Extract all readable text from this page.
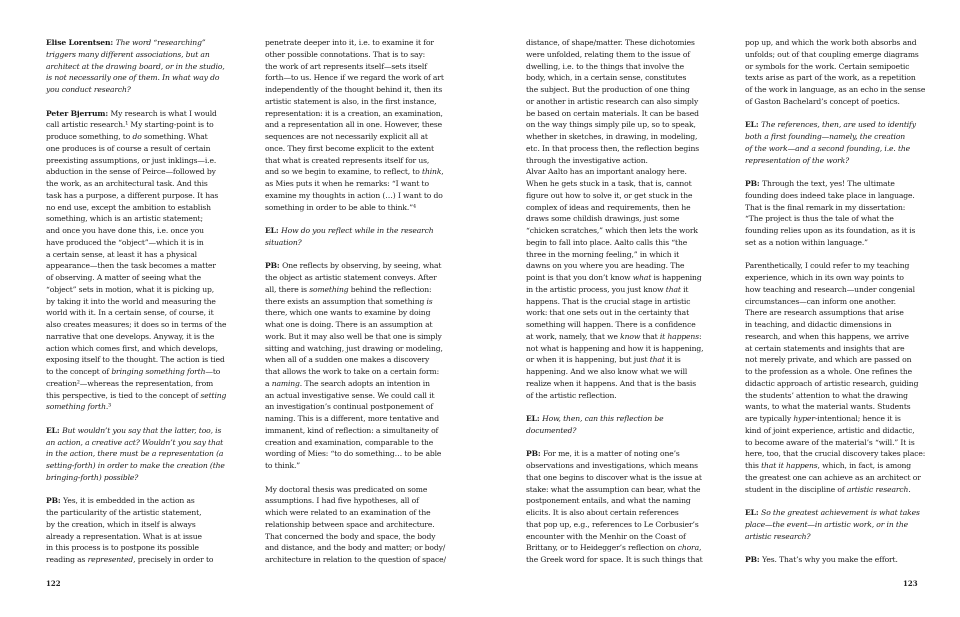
Elise Lorentsen: The word “researching”
triggers many different associations, but an
architect at the drawing board, or in the studio,
is not necessarily one of them. In what way do
you conduct research?
Peter Bjerrum: My research is what I would
call artistic research.¹ My starting-point is to
produce something, to do something. What
one produces is of course a result of certain
preexisting assumptions, or just inklings—i.e.
abduction in the sense of Peirce—followed by
the work, as an architectural task. And this
task has a purpose, a different purpose. It has
no end use, except the ambition to establish
something, which is an artistic statement;
and once you have done this, i.e. once you
have produced the “object”—which it is in
a certain sense, at least it has a physical
appearance—then the task becomes a matter
of observing. A matter of seeing what the
“object” sets in motion, what it is picking up,
by taking it into the world and measuring the
world with it. In a certain sense, of course, it
also creates measures; it does so in terms of the
narrative that one develops. Anyway, it is the
action which comes first, and which develops,
exposing itself to the thought. The action is tied
to the concept of bringing something forth—to
creation²—whereas the representation, from
this perspective, is tied to the concept of setting
something forth.³
EL: But wouldn’t you say that the latter, too, is
an action, a creative act? Wouldn’t you say that
in the action, there must be a representation (a
setting-forth) in order to make the creation (the
bringing-forth) possible?
PB: Yes, it is embedded in the action as
the particularity of the artistic statement,
by the creation, which in itself is always
already a representation. What is at issue
in this process is to postpone its possible
reading as represented, precisely in order to
penetrate deeper into it, i.e. to examine it for
other possible connotations. That is to say:
the work of art represents itself—sets itself
forth—to us. Hence if we regard the work of art
independently of the thought behind it, then its
artistic statement is also, in the first instance,
representation: it is a creation, an examination,
and a representation all in one. However, these
sequences are not necessarily explicit all at
once. They first become explicit to the extent
that what is created represents itself for us,
and so we begin to examine, to reflect, to think,
as Mies puts it when he remarks: “I want to
examine my thoughts in action (…) I want to do
something in order to be able to think.”⁴
EL: How do you reflect while in the research
situation?
PB: One reflects by observing, by seeing, what
the object as artistic statement conveys. After
all, there is something behind the reflection:
there exists an assumption that something is
there, which one wants to examine by doing
what one is doing. There is an assumption at
work. But it may also well be that one is simply
sitting and watching, just drawing or modeling,
when all of a sudden one makes a discovery
that allows the work to take on a certain form:
a naming. The search adopts an intention in
an actual investigative sense. We could call it
an investigation’s continual postponement of
naming. This is a different, more tentative and
immanent, kind of reflection: a simultaneity of
creation and examination, comparable to the
wording of Mies: “to do something… to be able
to think.”
My doctoral thesis was predicated on some
assumptions. I had five hypotheses, all of
which were related to an examination of the
relationship between space and architecture.
That concerned the body and space, the body
and distance, and the body and matter; or body/
architecture in relation to the question of space/
distance, of shape/matter. These dichotomies
were unfolded, relating them to the issue of
dwelling, i.e. to the things that involve the
body, which, in a certain sense, constitutes
the subject. But the production of one thing
or another in artistic research can also simply
be based on certain materials. It can be based
on the way things simply pile up, so to speak,
whether in sketches, in drawing, in modeling,
etc. In that process then, the reflection begins
through the investigative action.
Alvar Aalto has an important analogy here.
When he gets stuck in a task, that is, cannot
figure out how to solve it, or get stuck in the
complex of ideas and requirements, then he
draws some childish drawings, just some
“chicken scratches,” which then lets the work
begin to fall into place. Aalto calls this “the
three in the morning feeling,” in which it
dawns on you where you are heading. The
point is that you don’t know what is happening
in the artistic process, you just know that it
happens. That is the crucial stage in artistic
work: that one sets out in the certainty that
something will happen. There is a confidence
at work, namely, that we know that it happens:
not what is happening and how it is happening,
or when it is happening, but just that it is
happening. And we also know what we will
realize when it happens. And that is the basis
of the artistic reflection.
EL: How, then, can this reflection be
documented?
PB: For me, it is a matter of noting one’s
observations and investigations, which means
that one begins to discover what is the issue at
stake: what the assumption can bear, what the
postponement entails, and what the naming
elicits. It is also about certain references
that pop up, e.g., references to Le Corbusier’s
encounter with the Menhir on the Coast of
Brittany, or to Heidegger’s reflection on chora,
the Greek word for space. It is such things that
pop up, and which the work both absorbs and
unfolds; out of that coupling emerge diagrams
or symbols for the work. Certain semipoetic
texts arise as part of the work, as a repetition
of the work in language, as an echo in the sense
of Gaston Bachelard’s concept of poetics.
EL: The references, then, are used to identify
both a first founding—namely, the creation
of the work—and a second founding, i.e. the
representation of the work?
PB: Through the text, yes! The ultimate
founding does indeed take place in language.
That is the final remark in my dissertation:
“The project is thus the tale of what the
founding relies upon as its foundation, as it is
set as a notion within language.”
Parenthetically, I could refer to my teaching
experience, which in its own way points to
how teaching and research—under congenial
circumstances—can inform one another.
There are research assumptions that arise
in teaching, and didactic dimensions in
research, and when this happens, we arrive
at certain statements and insights that are
not merely private, and which are passed on
to the profession as a whole. One refines the
didactic approach of artistic research, guiding
the students’ attention to what the drawing
wants, to what the material wants. Students
are typically hyper-intentional; hence it is
kind of joint experience, artistic and didactic,
to become aware of the material’s “will.” It is
here, too, that the crucial discovery takes place:
this that it happens, which, in fact, is among
the greatest one can achieve as an architect or
student in the discipline of artistic research.
EL: So the greatest achievement is what takes
place—the event—in artistic work, or in the
artistic research?
PB: Yes. That’s why you make the effort.
122	123
